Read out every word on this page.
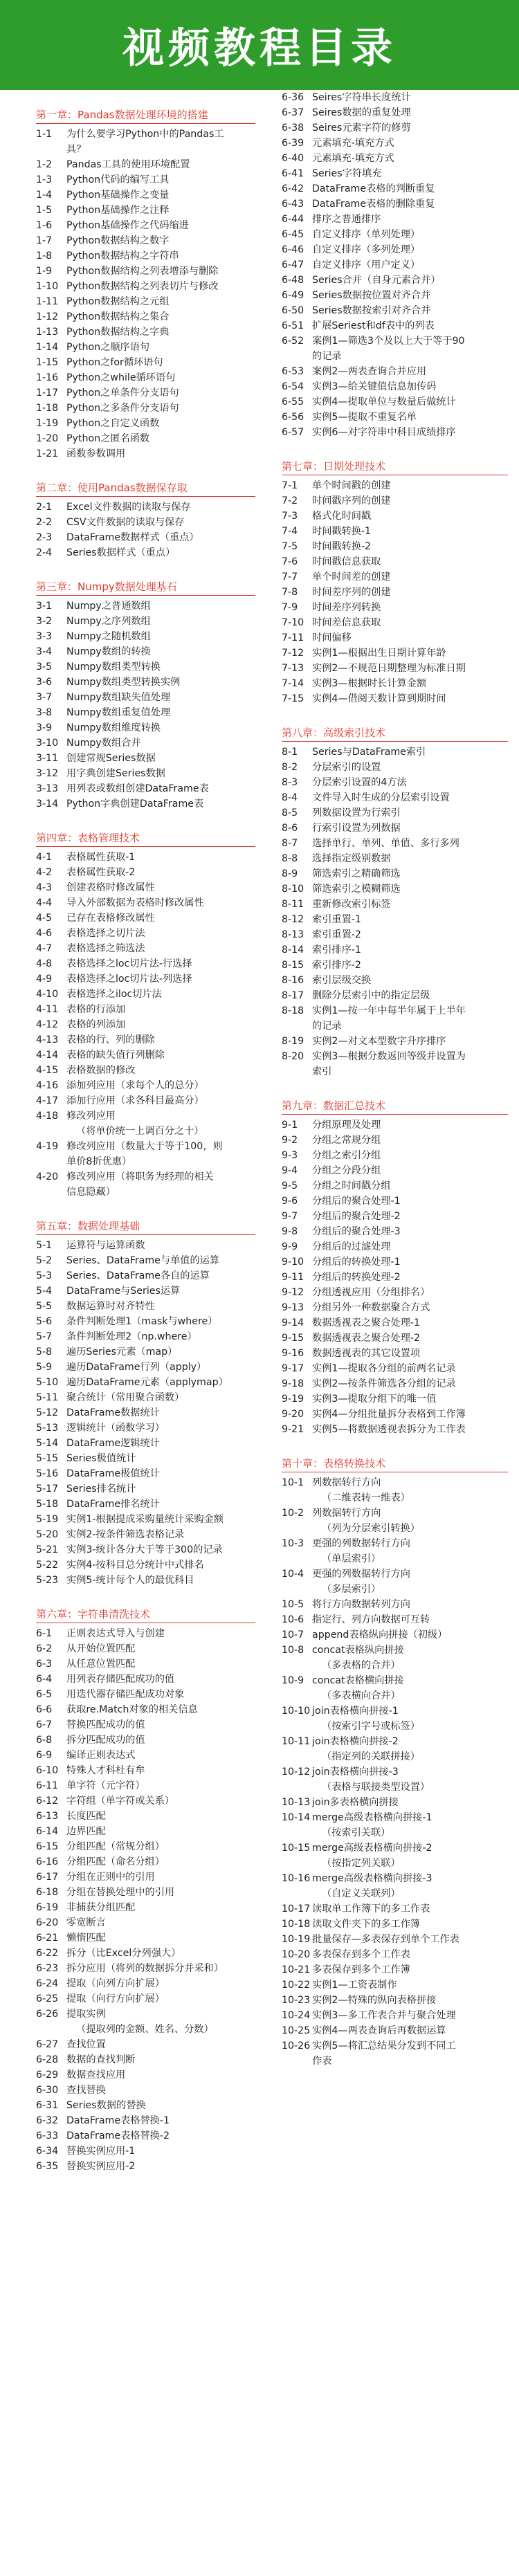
视频教程目录
第一章：Pandas数据处理环境的搭建
1-1	为什么要学习Python中的Pandas工
具？
1-2	Pandas工具的使用环境配置
1-3	Python代码的编写工具
1-4	Python基础操作之变量
1-5	Python基础操作之注释
1-6	Python基础操作之代码缩进
1-7	Python数据结构之数字
1-8	Python数据结构之字符串
1-9	Python数据结构之列表增添与删除
1-10 Python数据结构之列表切片与修改
1-11 Python数据结构之元组
1-12 Python数据结构之集合
1-13 Python数据结构之字典
1-14 Python之顺序语句
1-15 Python之for循环语句
1-16 Python之while循环语句
1-17 Python之单条件分支语句
1-18 Python之多条件分支语句
1-19 Python之自定义函数
1-20 Python之匿名函数
1-21 函数参数调用
第二章：使用Pandas数据保存取
2-1	Excel文件数据的读取与保存
2-2	CSV文件数据的读取与保存
2-3	DataFrame数据样式（重点）
2-4	Series数据样式（重点）
第三章：Numpy数据处理基石
3-1	Numpy之普通数组
3-2	Numpy之序列数组
3-3	Numpy之随机数组
3-4	Numpy数组的转换
3-5	Numpy数组类型转换
3-6	Numpy数组类型转换实例
3-7	Numpy数组缺失值处理
3-8	Numpy数组重复值处理
3-9	Numpy数组维度转换
3-10 Numpy数组合并
3-11 创建常规Series数据
3-12 用字典创建Series数据
3-13 用列表或数组创建DataFrame表
3-14 Python字典创建DataFrame表
第四章：表格管理技术
4-1	表格属性获取-1
4-2	表格属性获取-2
4-3	创建表格时修改属性
4-4	导入外部数据为表格时修改属性
4-5	已存在表格修改属性
4-6	表格选择之切片法
4-7	表格选择之筛选法
4-8	表格选择之loc切片法-行选择
4-9	表格选择之loc切片法-列选择
4-10 表格选择之iloc切片法
4-11 表格的行添加
4-12 表格的列添加
4-13 表格的行、列的删除
4-14 表格的缺失值行列删除
4-15 表格数据的修改
4-16 添加列应用（求每个人的总分）
4-17 添加行应用（求各科目最高分）
4-18 修改列应用
（将单价统一上调百分之十）
4-19 修改列应用（数量大于等于100，则
单价8折优惠）
4-20 修改列应用（将职务为经理的相关
信息隐藏）
第五章：数据处理基础
5-1	运算符与运算函数
5-2	Series、DataFrame与单值的运算
5-3	Series、DataFrame各自的运算
5-4	DataFrame与Series运算
5-5	数据运算时对齐特性
5-6	条件判断处理1（mask与where）
5-7	条件判断处理2（np.where）
5-8	遍历Series元素（map）
5-9	遍历DataFrame行列（apply）
5-10 遍历DataFrame元素（applymap）
5-11 聚合统计（常用聚合函数）
5-12 DataFrame数据统计
5-13 逻辑统计（函数学习）
5-14 DataFrame逻辑统计
5-15 Series极值统计
5-16 DataFrame极值统计
5-17 Series排名统计
5-18 DataFrame排名统计
5-19 实例1-根据提成采购量统计采购金额
5-20 实例2-按条件筛选表格记录
5-21 实例3-统计各分大于等于300的记录
5-22 实例4-按科目总分统计中式排名
5-23 实例5-统计每个人的最优科目
第六章：字符串清洗技术
6-1	正则表达式导入与创建
6-2	从开始位置匹配
6-3	从任意位置匹配
6-4	用列表存储匹配成功的值
6-5	用迭代器存储匹配成功对象
6-6	获取re.Match对象的相关信息
6-7	替换匹配成功的值
6-8	拆分匹配成功的值
6-9	编译正则表达式
6-10 特殊人才科杜有牟
6-11 单字符（元字符）
6-12 字符组（单字符或关系）
6-13 长度匹配
6-14 边界匹配
6-15 分组匹配（常规分组）
6-16 分组匹配（命名分组）
6-17 分组在正则中的引用
6-18 分组在替换处理中的引用
6-19 非捕获分组匹配
6-20 零宽断言
6-21 懒惰匹配
6-22 拆分（比Excel分列强大）
6-23 拆分应用（将列的数据拆分并采和）
6-24 提取（向列方向扩展）
6-25 提取（向行方向扩展）
6-26 提取实例
（提取列的金额、姓名、分数）
6-27 查找位置
6-28 数据的查找判断
6-29 数据查找应用
6-30 查找替换
6-31 Series数据的替换
6-32 DataFrame表格替换-1
6-33 DataFrame表格替换-2
6-34 替换实例应用-1
6-35 替换实例应用-2
6-36 Seires字符串长度统计
6-37 Seires数据的重复处理
6-38 Seires元素字符的修剪
6-39 元素填充-填充方式
6-40 元素填充-填充方式
6-41 Series字符填充
6-42 DataFrame表格的判断重复
6-43 DataFrame表格的删除重复
6-44 排序之普通排序
6-45 自定义排序（单列处理）
6-46 自定义排序（多列处理）
6-47 自定义排序（用户定义）
6-48 Series合并（自身元素合并）
6-49 Series数据按位置对齐合并
6-50 Series数据按索引对齐合并
6-51 扩展Seriest和df表中的列表
6-52 案例1—筛选3个及以上大于等于90
的记录
6-53 案例2—两表查询合并应用
6-54 实例3—给关键值信息加传码
6-55 实例4—提取单位与数量后做统计
6-56 实例5—提取不重复名单
6-57 实例6—对字符串中科目成绩排序
第七章：日期处理技术
7-1	单个时间戳的创建
7-2	时间戳序列的创建
7-3	格式化时间戳
7-4	时间戳转换-1
7-5	时间戳转换-2
7-6	时间戳信息获取
7-7	单个时间差的创建
7-8	时间差序列的创建
7-9	时间差序列转换
7-10 时间差信息获取
7-11 时间偏移
7-12 实例1—根据出生日期计算年龄
7-13 实例2—不规范日期整理为标准日期
7-14 实例3—根据时长计算金额
7-15 实例4—借阅天数计算到期时间
第八章：高级索引技术
8-1	Series与DataFrame索引
8-2	分层索引的设置
8-3	分层索引设置的4方法
8-4	文件导入时生成的分层索引设置
8-5	列数据设置为行索引
8-6	行索引设置为列数据
8-7	选择单行、单列、单值、多行多列
8-8	选择指定级别数据
8-9	筛选索引之精确筛选
8-10 筛选索引之模糊筛选
8-11 重新修改索引标签
8-12 索引重置-1
8-13 索引重置-2
8-14 索引排序-1
8-15 索引排序-2
8-16 索引层级交换
8-17 删除分层索引中的指定层级
8-18 实例1—按一年中每半年属于上半年
的记录
8-19 实例2—对文本型数字升序排序
8-20 实例3—根据分数返回等级并设置为
索引
第九章：数据汇总技术
9-1	分组原理及处理
9-2	分组之常规分组
9-3	分组之索引分组
9-4	分组之分段分组
9-5	分组之时间戳分组
9-6	分组后的聚合处理-1
9-7	分组后的聚合处理-2
9-8	分组后的聚合处理-3
9-9	分组后的过滤处理
9-10 分组后的转换处理-1
9-11 分组后的转换处理-2
9-12 分组透视应用（分组排名）
9-13 分组另外一种数据聚合方式
9-14 数据透视表之聚合处理-1
9-15 数据透视表之聚合处理-2
9-16 数据透视表的其它设置项
9-17 实例1—提取各分组的前两名记录
9-18 实例2—按条件筛选各分组的记录
9-19 实例3—提取分组下的唯一值
9-20 实例4—分组批量拆分表格到工作簿
9-21 实例5—将数据透视表拆分为工作表
第十章：表格转换技术
10-1 列数据转行方向
（二维表转一维表）
10-2 列数据转行方向
（列为分层索引转换）
10-3 更强的列数据转行方向
（单层索引）
10-4 更强的列数据转行方向
（多层索引）
10-5 将行方向数据转列方向
10-6 指定行、列方向数据可互转
10-7 append表格纵向拼接（初级）
10-8 concat表格纵向拼接
（多表格的合并）
10-9 concat表格横向拼接
（多表横向合并）
10-10 join表格横向拼接-1
（按索引字号或标签）
10-11 join表格横向拼接-2
（指定列的关联拼接）
10-12 join表格横向拼接-3
（表格与联接类型设置）
10-13 join多表格横向拼接
10-14 merge高级表格横向拼接-1
（按索引关联）
10-15 merge高级表格横向拼接-2
（按指定列关联）
10-16 merge高级表格横向拼接-3
（自定义关联列）
10-17 读取单工作簿下的多工作表
10-18 读取文件夹下的多工作簿
10-19 批量保存—多表保存到单个工作表
10-20 多表保存到多个工作表
10-21 多表保存到多个工作簿
10-22 实例1—工资表制作
10-23 实例2—特殊的纵向表格拼接
10-24 实例3—多工作表合并与聚合处理
10-25 实例4—两表查询后再数据运算
10-26 实例5—将汇总结果分发到不同工
作表
